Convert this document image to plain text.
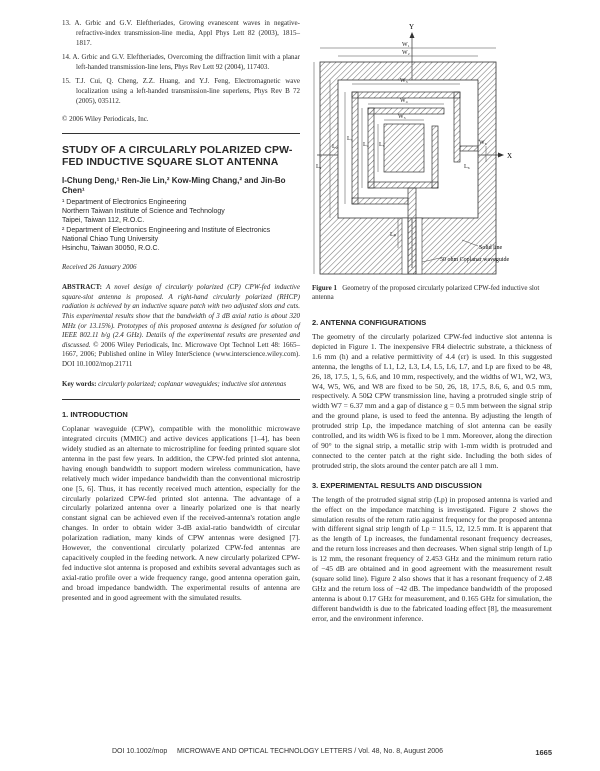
13. A. Grbic and G.V. Eleftheriades, Growing evanescent waves in negative-refractive-index transmission-line media, Appl Phys Lett 82 (2003), 1815–1817.

14. A. Grbic and G.V. Eleftheriades, Overcoming the diffraction limit with a planar left-handed transmission-line lens, Phys Rev Lett 92 (2004), 117403.

15. T.J. Cui, Q. Cheng, Z.Z. Huang, and Y.J. Feng, Electromagnetic wave localization using a left-handed transmission-line superlens, Phys Rev B 72 (2005), 035112.

© 2006 Wiley Periodicals, Inc.

STUDY OF A CIRCULARLY POLARIZED CPW-FED INDUCTIVE SQUARE SLOT ANTENNA

I-Chung Deng,¹ Ren-Jie Lin,² Kow-Ming Chang,² and Jin-Bo Chen¹

¹ Department of Electronics Engineering

Northern Taiwan Institute of Science and Technology

Taipei, Taiwan 112, R.O.C.

² Department of Electronics Engineering and Institute of Electronics

National Chiao Tung University

Hsinchu, Taiwan 30050, R.O.C.

Received 26 January 2006

ABSTRACT: A novel design of circularly polarized (CP) CPW-fed inductive square-slot antenna is proposed. A right-hand circularly polarized (RHCP) radiation is achieved by an inductive square patch with two adjusted slots and cuts. This experimental results show that the bandwidth of 3 dB axial ratio is about 320 MHz (or 13.15%). Prototypes of this proposed antenna is designed for solution of IEEE 802.11 b/g (2.4 GHz). Details of the experimental results are presented and discussed. © 2006 Wiley Periodicals, Inc. Microwave Opt Technol Lett 48: 1665–1667, 2006; Published online in Wiley InterScience (www.interscience.wiley.com). DOI 10.1002/mop.21711

Key words: circularly polarized; coplanar waveguides; inductive slot antennas

1. INTRODUCTION

Coplanar waveguide (CPW), compatible with the monolithic microwave integrated circuits (MMIC) and active devices applications [1–4], has been widely studied as an alternate to microstripline for feeding printed square slot antenna in the past few years. In addition, the CPW-fed printed slot antenna, having enough bandwidth to support modern wireless communication, have relatively much wider impedance bandwidth than the conventional microstrip one [5, 6]. Thus, it has recently received much attention, especially for the circularly polarized CPW-fed printed slot antenna. The advantage of a circularly polarized antenna over a linearly polarized one is that nearly constant signal can be achieved even if the received-antenna's rotation angle changes. In order to obtain wider 3-dB axial-ratio bandwidth of circular polarization radiation, many kinds of CPW antennas were designed [7]. However, the conventional circularly polarized CPW-fed antennas are capacitively coupled in the feeding network. A new circularly polarized CPW-fed inductive slot antenna is proposed and exhibits several advantages such as axial-ratio profile over a wide frequency range, good antenna operation gain, and broad impedance bandwidth. The experimental results of antenna are presented and in good agreement with the simulated results.

Y
X
W₁
W₂
W₃
W₄
W₅
W₆
L₁
L₂
L₃
L₄ L₅
L₆
Lₚ
Solid line
50 ohm Coplanar waveguide

Figure 1 Geometry of the proposed circularly polarized CPW-fed inductive slot antenna

2. ANTENNA CONFIGURATIONS

The geometry of the circularly polarized CPW-fed inductive slot antenna is depicted in Figure 1. The inexpensive FR4 dielectric substrate, a thickness of 1.6 mm (h) and a relative permittivity of 4.4 (εr) is used. In this suggested antenna, the lengths of L1, L2, L3, L4, L5, L6, L7, and Lp are fixed to be 48, 26, 18, 17.5, 1, 5, 6.6, and 10 mm, respectively, and the widths of W1, W2, W3, W4, W5, W6, and W8 are fixed to be 50, 26, 18, 17.5, 8.6, 6, and 0.5 mm, respectively. A 50Ω CPW transmission line, having a protruded single strip of width W7 = 6.37 mm and a gap of distance g = 0.5 mm between the signal strip and the ground plane, is used to feed the antenna. By adjusting the length of protruded strip Lp, the impedance matching of slot antenna can be easily controlled, and its width W6 is fixed to be 1 mm. Moreover, along the direction of 90° to the signal strip, a metallic strip with 1-mm width is protruded and connected to the center patch at the right side. Including the both sides of protruded strip, the slots around the center patch are all 1 mm.

3. EXPERIMENTAL RESULTS AND DISCUSSION

The length of the protruded signal strip (Lp) in proposed antenna is varied and the effect on the impedance matching is investigated. Figure 2 shows the simulation results of the return ratio against frequency for the proposed antenna with different signal strip length of Lp = 11.5, 12, 12.5 mm. It is apparent that as the length of Lp increases, the fundamental resonant frequency decreases, and the return loss increases and then decreases. When signal strip length of Lp is 12 mm, the resonant frequency of 2.453 GHz and the minimum return ratio of −45 dB are obtained and in good agreement with the measurement result (square solid line). Figure 2 also shows that it has a resonant frequency of 2.48 GHz and the return loss of −42 dB. The impedance bandwidth of the proposed antenna is about 0.17 GHz for measurement, and 0.165 GHz for simulation, the different bandwidth is due to the fabricated loading effect [8], the measurement error, and the environment inference.

DOI 10.1002/mop MICROWAVE AND OPTICAL TECHNOLOGY LETTERS / Vol. 48, No. 8, August 2006	1665
